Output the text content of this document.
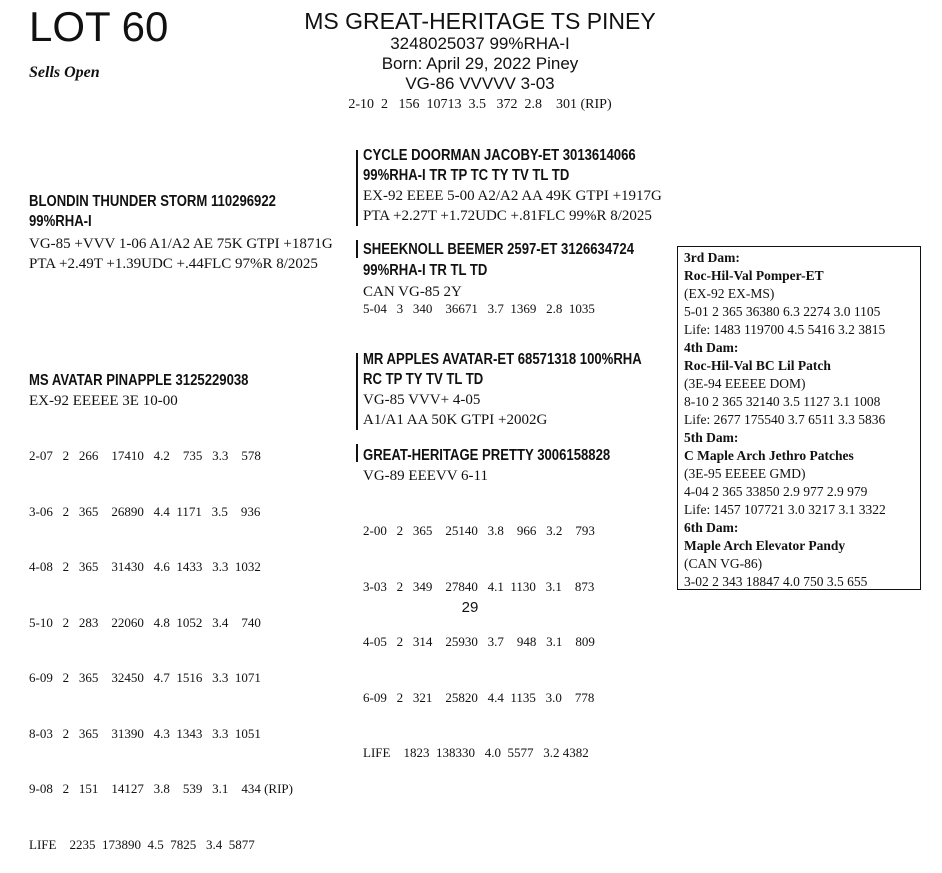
LOT 60
Sells Open
MS GREAT-HERITAGE TS PINEY
3248025037 99%RHA-I
Born: April 29, 2022 Piney
VG-86 VVVVV 3-03
2-10  2   156  10713  3.5   372  2.8    301 (RIP)
BLONDIN THUNDER STORM 110296922
99%RHA-I
VG-85 +VVV 1-06 A1/A2 AE 75K GTPI +1871G
PTA +2.49T +1.39UDC +.44FLC 97%R 8/2025
CYCLE DOORMAN JACOBY-ET 3013614066
99%RHA-I TR TP TC TY TV TL TD
EX-92 EEEE 5-00 A2/A2 AA 49K GTPI +1917G
PTA +2.27T +1.72UDC +.81FLC 99%R 8/2025
SHEEKNOLL BEEMER 2597-ET 3126634724
99%RHA-I TR TL TD
CAN VG-85 2Y
5-04   3   340    36671   3.7  1369   2.8  1035
MS AVATAR PINAPPLE 3125229038
EX-92 EEEEE 3E 10-00

2-07   2   266    17410   4.2    735   3.3    578

3-06   2   365    26890   4.4  1171   3.5    936

4-08   2   365    31430   4.6  1433   3.3  1032

5-10   2   283    22060   4.8  1052   3.4    740

6-09   2   365    32450   4.7  1516   3.3  1071

8-03   2   365    31390   4.3  1343   3.3  1051

9-08   2   151    14127   3.8    539   3.1    434 (RIP)

LIFE    2235  173890  4.5  7825   3.4  5877

MR APPLES AVATAR-ET 68571318 100%RHA
RC TP TY TV TL TD
VG-85 VVV+ 4-05
A1/A1 AA 50K GTPI +2002G
GREAT-HERITAGE PRETTY 3006158828
VG-89 EEEVV 6-11

2-00   2   365    25140   3.8    966   3.2    793

3-03   2   349    27840   4.1  1130   3.1    873

4-05   2   314    25930   3.7    948   3.1    809

6-09   2   321    25820   4.4  1135   3.0    778

LIFE    1823  138330   4.0  5577   3.2 4382

3rd Dam:
Roc-Hil-Val Pomper-ET
(EX-92 EX-MS)
5-01 2 365 36380 6.3 2274 3.0 1105
Life: 1483 119700 4.5 5416 3.2 3815
4th Dam:
Roc-Hil-Val BC Lil Patch
(3E-94 EEEEE DOM)
8-10 2 365 32140 3.5 1127 3.1 1008
Life: 2677 175540 3.7 6511 3.3 5836
5th Dam:
C Maple Arch Jethro Patches
(3E-95 EEEEE GMD)
4-04 2 365 33850 2.9 977 2.9 979
Life: 1457 107721 3.0 3217 3.1 3322
6th Dam:
Maple Arch Elevator Pandy
(CAN VG-86)
3-02 2 343 18847 4.0 750 3.5 655
29
